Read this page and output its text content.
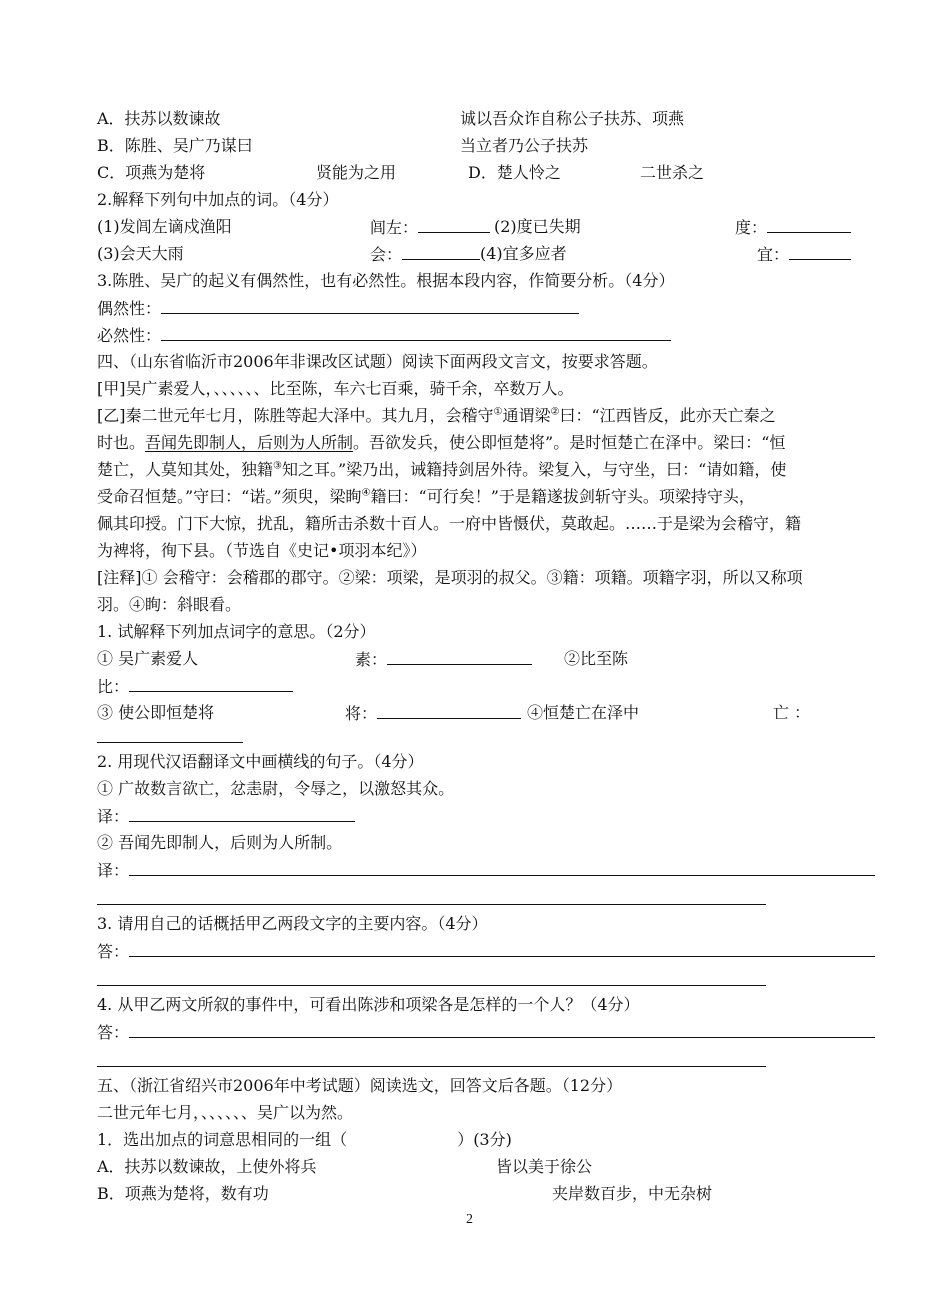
A．扶苏以数谏故	诚以吾众诈自称公子扶苏、项燕
B．陈胜、吴广乃谋曰	当立者乃公子扶苏
C．项燕为楚将	贤能为之用	D．楚人怜之	二世杀之
2.解释下列句中加点的词。（4分）
(1)发闾左谪戍渔阳	闾左：	(2)度已失期	度：
(3)会天大雨	会：	(4)宜多应者	宜：
3.陈胜、吴广的起义有偶然性，也有必然性。根据本段内容，作简要分析。（4分）
偶然性：
必然性：
四、（山东省临沂市2006年非课改区试题）阅读下面两段文言文，按要求答题。
[甲]吴广素爱人，、、、、、、比至陈，车六七百乘，骑千余，卒数万人。
[乙]秦二世元年七月，陈胜等起大泽中。其九月，会稽守①通谓梁②曰：“江西皆反，此亦天亡秦之
时也。吾闻先即制人，后则为人所制。吾欲发兵，使公即恒楚将”。是时恒楚亡在泽中。梁曰：“恒
楚亡，人莫知其处，独籍③知之耳。”梁乃出，诫籍持剑居外待。梁复入，与守坐，曰：“请如籍，使
受命召恒楚。”守曰：“诺。”须臾，梁眴④籍曰：“可行矣！”于是籍遂拔剑斩守头。项梁持守头，
佩其印授。门下大惊，扰乱，籍所击杀数十百人。一府中皆慑伏，莫敢起。……于是梁为会稽守，籍
为裨将，徇下县。（节选自《史记•项羽本纪》）
[注释]① 会稽守：会稽郡的郡守。②梁：项梁，是项羽的叔父。③籍：项籍。项籍字羽，所以又称项
羽。④眴：斜眼看。
1. 试解释下列加点词字的意思。（2分）
① 吴广素爱人	素：	②比至陈
比：
③ 使公即恒楚将	将：	④恒楚亡在泽中	亡 ：
2. 用现代汉语翻译文中画横线的句子。（4分）
① 广故数言欲亡，忿恚尉，令辱之，以激怒其众。
译：
② 吾闻先即制人，后则为人所制。
译：
3. 请用自己的话概括甲乙两段文字的主要内容。（4分）
答：
4. 从甲乙两文所叙的事件中，可看出陈涉和项梁各是怎样的一个人？（4分）
答：
五、（浙江省绍兴市2006年中考试题）阅读选文，回答文后各题。（12分）
二世元年七月，、、、、、、吴广以为然。
1．选出加点的词意思相同的一组（	）(3分)
A．扶苏以数谏故，上使外将兵	皆以美于徐公
B．项燕为楚将，数有功	夹岸数百步，中无杂树
2
